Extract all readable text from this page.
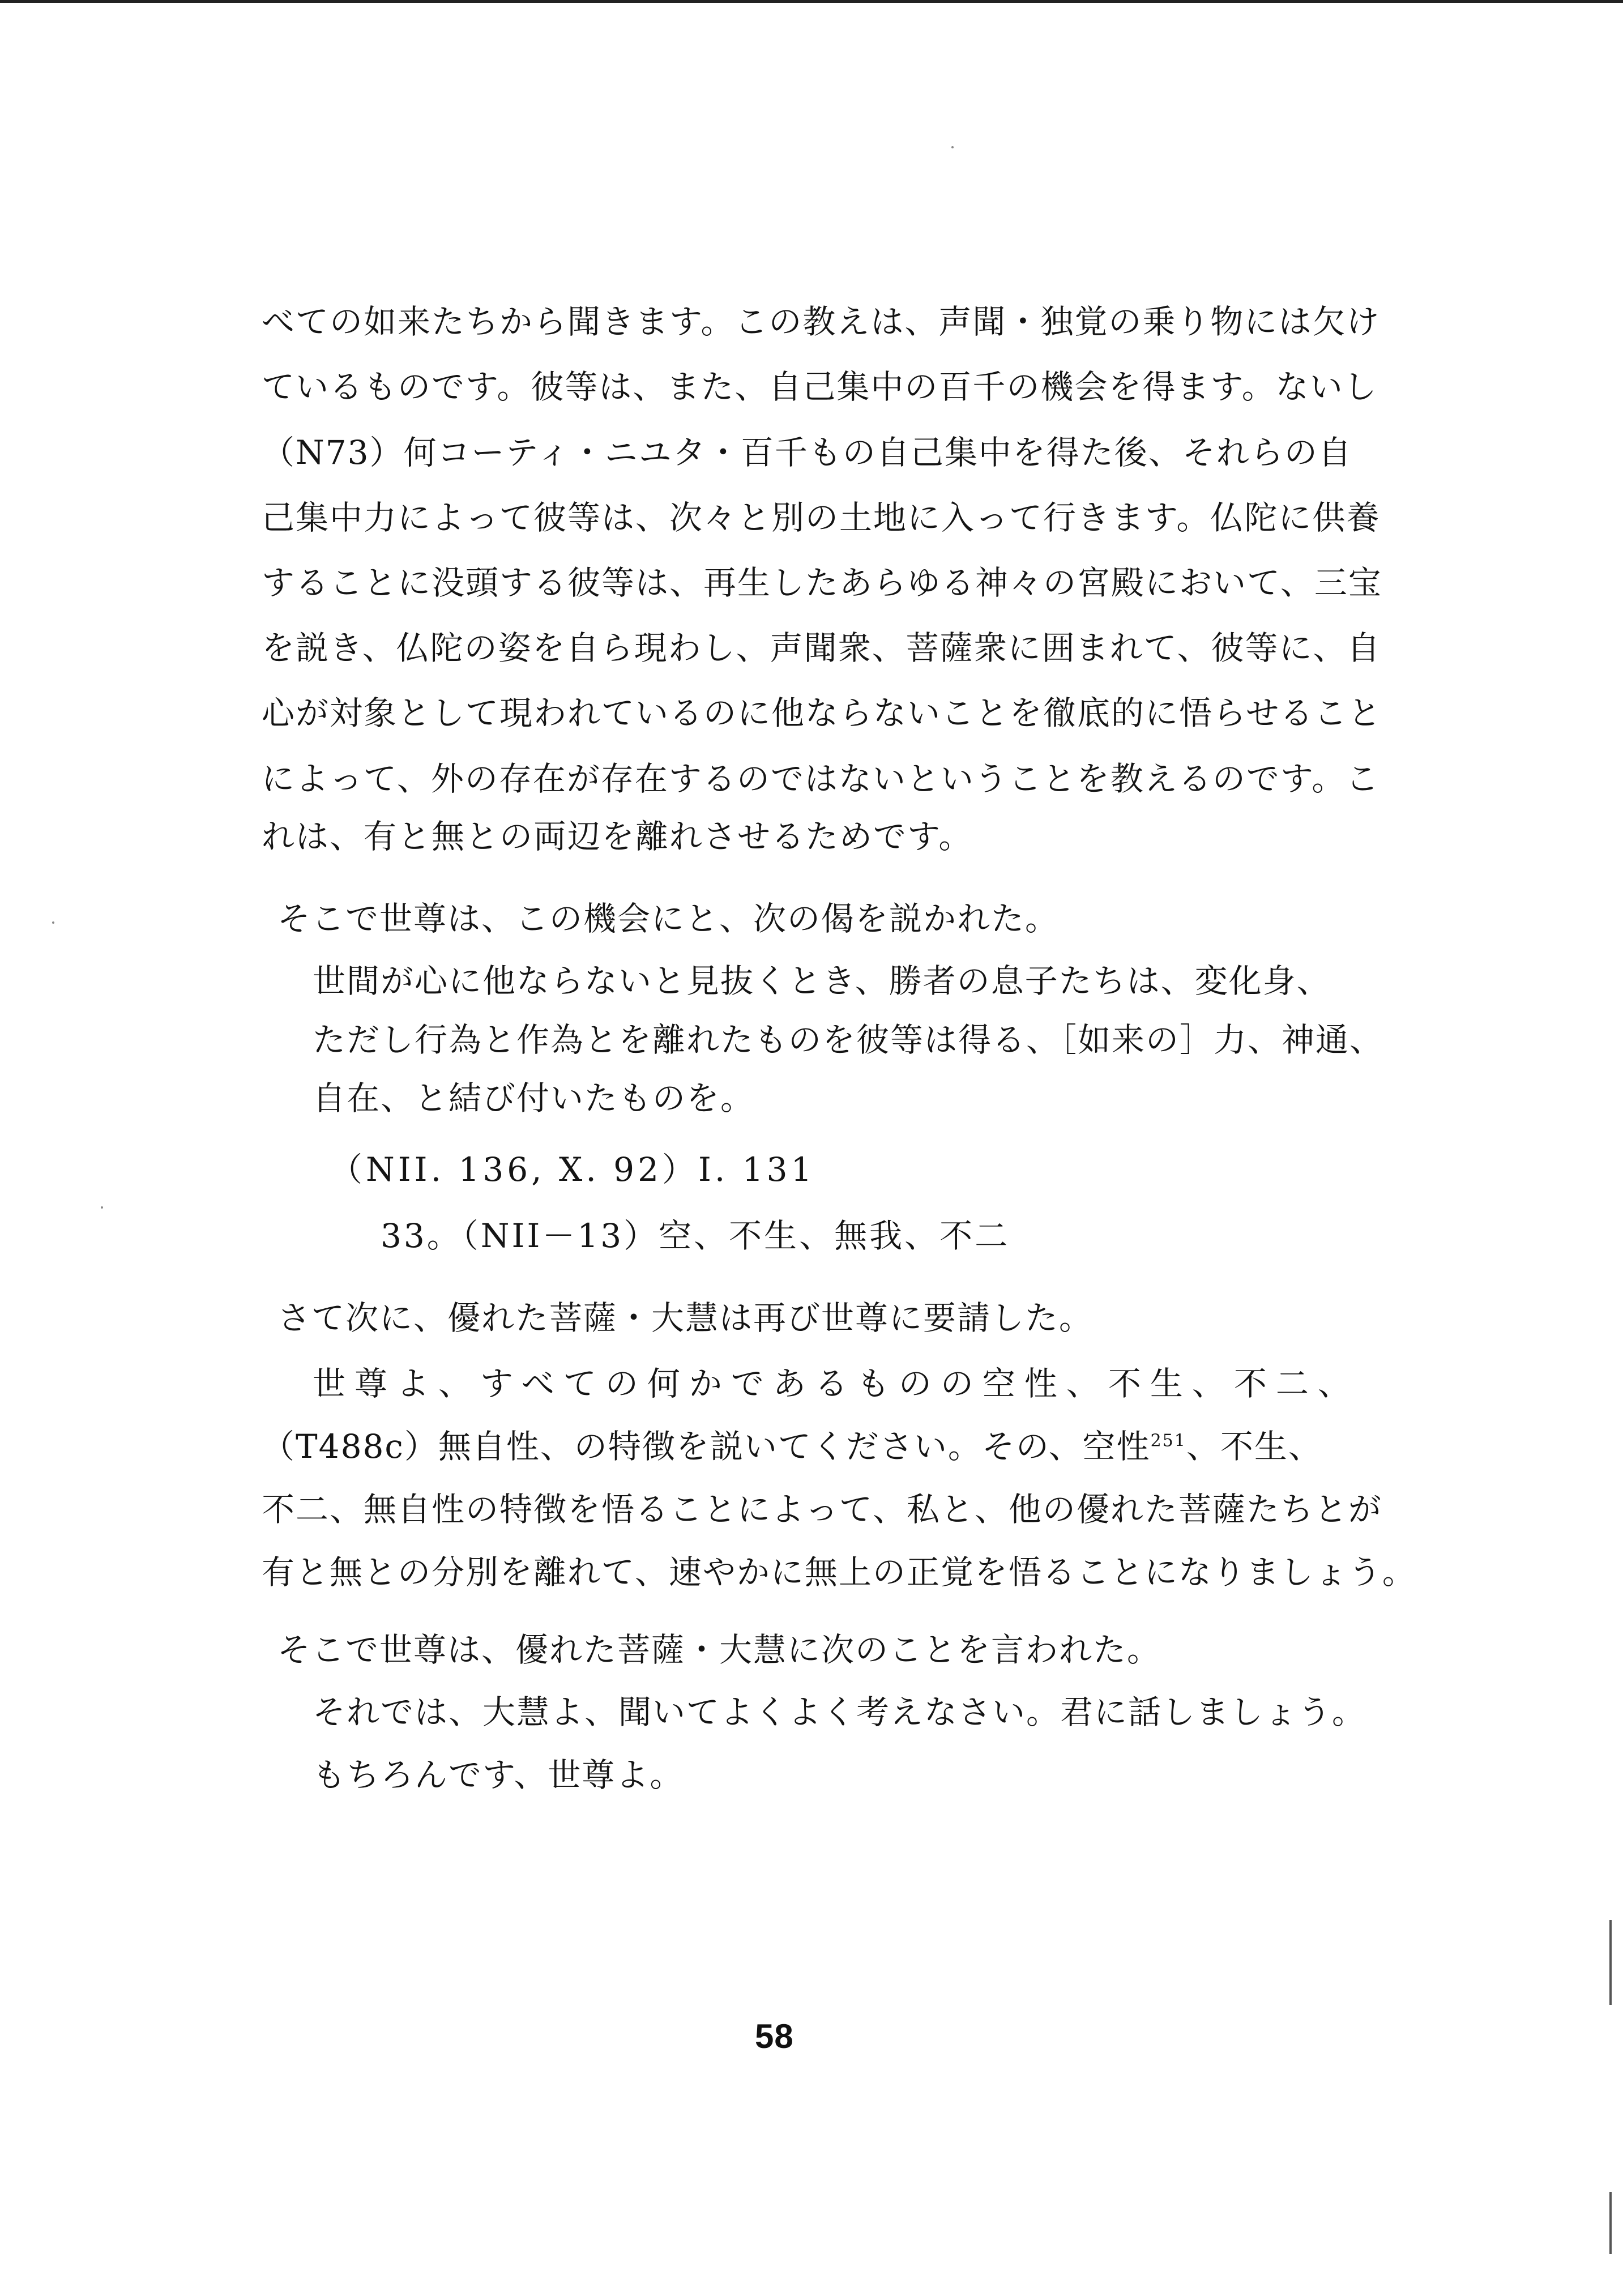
べての如来たちから聞きます。この教えは、声聞・独覚の乗り物には欠け
ているものです。彼等は、また、自己集中の百千の機会を得ます。ないし
（N73）何コーティ・ニユタ・百千もの自己集中を得た後、それらの自
己集中力によって彼等は、次々と別の土地に入って行きます。仏陀に供養
することに没頭する彼等は、再生したあらゆる神々の宮殿において、三宝
を説き、仏陀の姿を自ら現わし、声聞衆、菩薩衆に囲まれて、彼等に、自
心が対象として現われているのに他ならないことを徹底的に悟らせること
によって、外の存在が存在するのではないということを教えるのです。こ
れは、有と無との両辺を離れさせるためです。
そこで世尊は、この機会にと、次の偈を説かれた。
世間が心に他ならないと見抜くとき、勝者の息子たちは、変化身、
ただし行為と作為とを離れたものを彼等は得る、［如来の］力、神通、
自在、と結び付いたものを。
（NII. 136, X. 92）I. 131
33。（NII－13）空、不生、無我、不二
さて次に、優れた菩薩・大慧は再び世尊に要請した。
世尊よ、すべての何かであるものの空性、不生、不二、
（T488c）無自性、の特徴を説いてください。その、空性$^{251}$、不生、
不二、無自性の特徴を悟ることによって、私と、他の優れた菩薩たちとが
有と無との分別を離れて、速やかに無上の正覚を悟ることになりましょう。
そこで世尊は、優れた菩薩・大慧に次のことを言われた。
それでは、大慧よ、聞いてよくよく考えなさい。君に話しましょう。
もちろんです、世尊よ。
58
